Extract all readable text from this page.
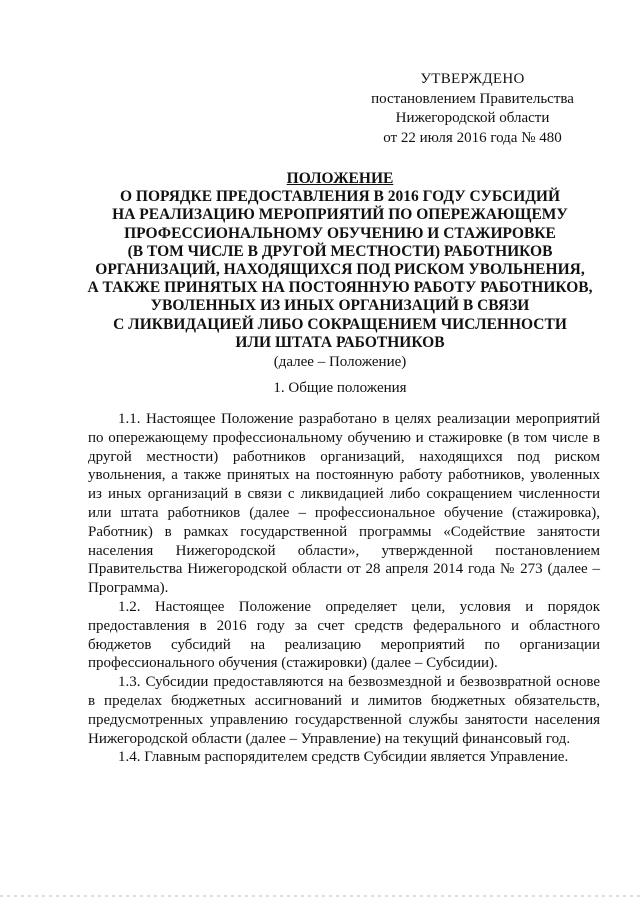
УТВЕРЖДЕНО
постановлением Правительства
Нижегородской области
от 22 июля 2016 года № 480
ПОЛОЖЕНИЕ
О ПОРЯДКЕ ПРЕДОСТАВЛЕНИЯ В 2016 ГОДУ СУБСИДИЙ
НА РЕАЛИЗАЦИЮ МЕРОПРИЯТИЙ ПО ОПЕРЕЖАЮЩЕМУ
ПРОФЕССИОНАЛЬНОМУ ОБУЧЕНИЮ И СТАЖИРОВКЕ
(В ТОМ ЧИСЛЕ В ДРУГОЙ МЕСТНОСТИ) РАБОТНИКОВ
ОРГАНИЗАЦИЙ, НАХОДЯЩИХСЯ ПОД РИСКОМ УВОЛЬНЕНИЯ,
А ТАКЖЕ ПРИНЯТЫХ НА ПОСТОЯННУЮ РАБОТУ РАБОТНИКОВ,
УВОЛЕННЫХ ИЗ ИНЫХ ОРГАНИЗАЦИЙ В СВЯЗИ
С ЛИКВИДАЦИЕЙ ЛИБО СОКРАЩЕНИЕМ ЧИСЛЕННОСТИ
ИЛИ ШТАТА РАБОТНИКОВ
(далее – Положение)
1. Общие положения

1.1. Настоящее Положение разработано в целях реализации мероприятий по опережающему профессиональному обучению и стажировке (в том числе в другой местности) работников организаций, находящихся под риском увольнения, а также принятых на постоянную работу работников, уволенных из иных организаций в связи с ликвидацией либо сокращением численности или штата работников (далее – профессиональное обучение (стажировка), Работник) в рамках государственной программы «Содействие занятости населения Нижегородской области», утвержденной постановлением Правительства Нижегородской области от 28 апреля 2014 года № 273 (далее – Программа).

1.2. Настоящее Положение определяет цели, условия и порядок предоставления в 2016 году за счет средств федерального и областного бюджетов субсидий на реализацию мероприятий по организации профессионального обучения (стажировки) (далее – Субсидии).

1.3. Субсидии предоставляются на безвозмездной и безвозвратной основе в пределах бюджетных ассигнований и лимитов бюджетных обязательств, предусмотренных управлению государственной службы занятости населения Нижегородской области (далее – Управление) на текущий финансовый год.

1.4. Главным распорядителем средств Субсидии является Управление.
